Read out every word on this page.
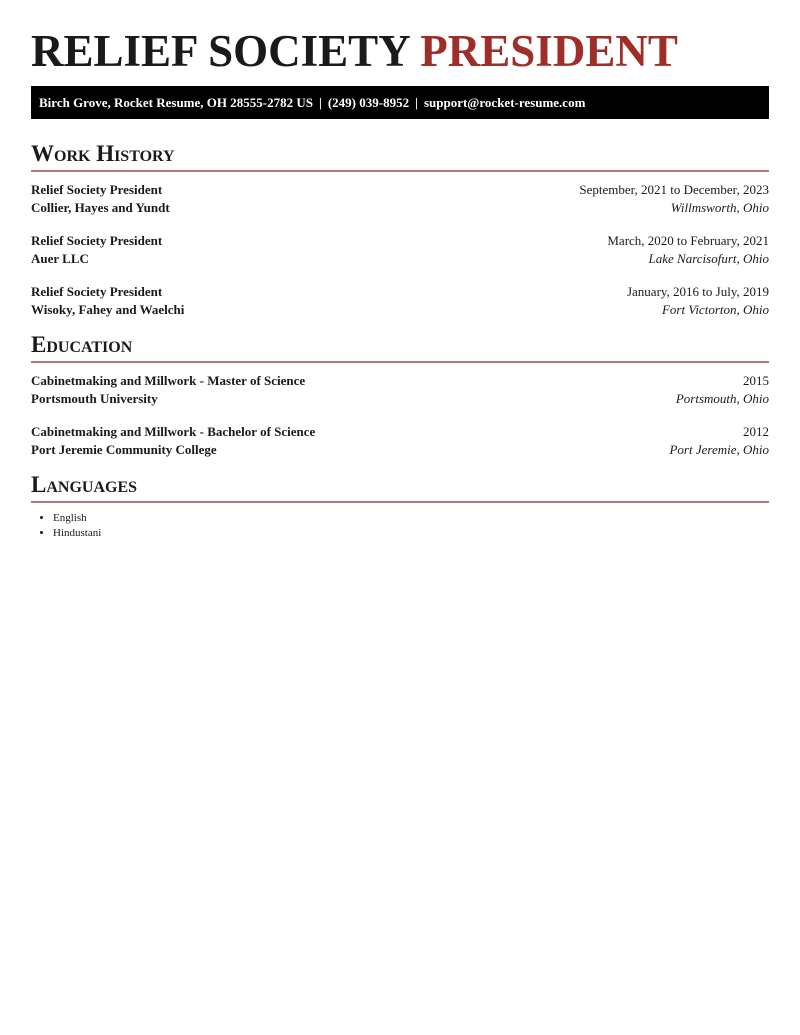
RELIEF SOCIETY PRESIDENT
Birch Grove, Rocket Resume, OH 28555-2782 US | (249) 039-8952 | support@rocket-resume.com
Work History
Relief Society President	September, 2021 to December, 2023
Collier, Hayes and Yundt	Willmsworth, Ohio
Relief Society President	March, 2020 to February, 2021
Auer LLC	Lake Narcisofurt, Ohio
Relief Society President	January, 2016 to July, 2019
Wisoky, Fahey and Waelchi	Fort Victorton, Ohio
Education
Cabinetmaking and Millwork - Master of Science	2015
Portsmouth University	Portsmouth, Ohio
Cabinetmaking and Millwork - Bachelor of Science	2012
Port Jeremie Community College	Port Jeremie, Ohio
Languages
• English
• Hindustani
